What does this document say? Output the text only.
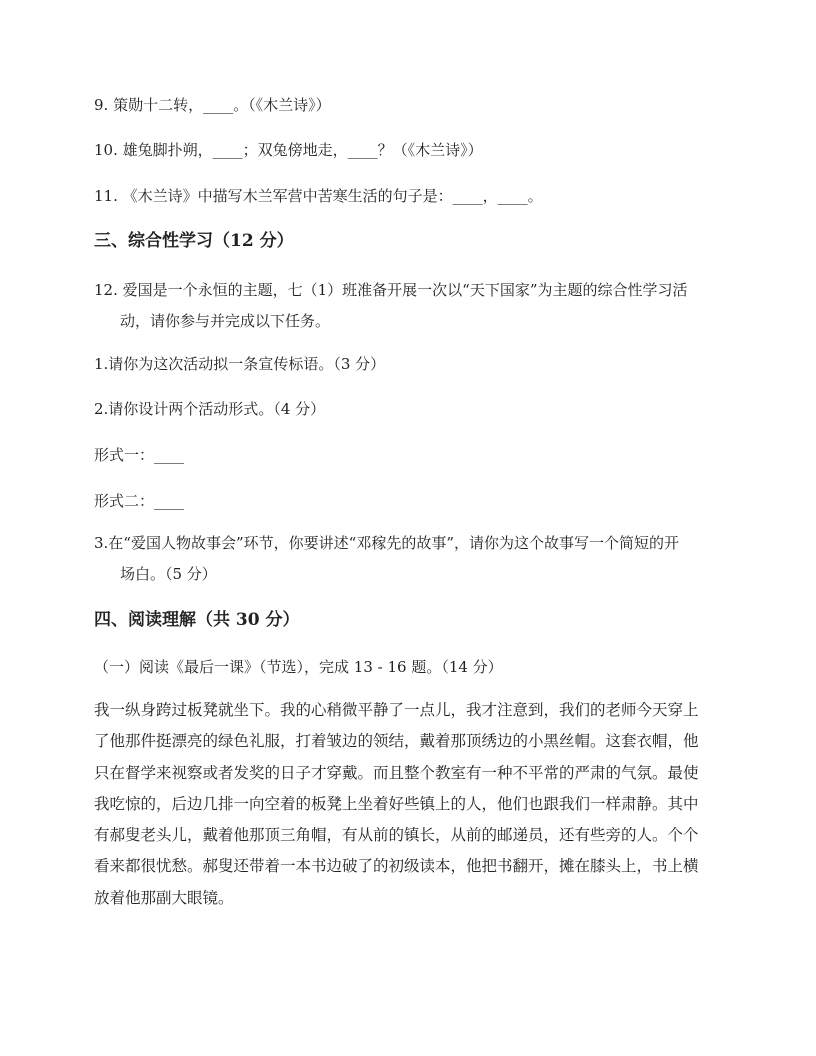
9. 策勋十二转，____。（《木兰诗》）
10. 雄兔脚扑朔，____；双兔傍地走，____？（《木兰诗》）
11. 《木兰诗》中描写木兰军营中苦寒生活的句子是：____，____。
三、综合性学习（12 分）
12. 爱国是一个永恒的主题，七（1）班准备开展一次以“天下国家”为主题的综合性学习活
动，请你参与并完成以下任务。
1.请你为这次活动拟一条宣传标语。（3 分）
2.请你设计两个活动形式。（4 分）
形式一：____
形式二：____
3.在“爱国人物故事会”环节，你要讲述“邓稼先的故事”，请你为这个故事写一个简短的开
场白。（5 分）
四、阅读理解（共 30 分）
（一）阅读《最后一课》（节选），完成 13 - 16 题。（14 分）
我一纵身跨过板凳就坐下。我的心稍微平静了一点儿，我才注意到，我们的老师今天穿上
了他那件挺漂亮的绿色礼服，打着皱边的领结，戴着那顶绣边的小黑丝帽。这套衣帽，他
只在督学来视察或者发奖的日子才穿戴。而且整个教室有一种不平常的严肃的气氛。最使
我吃惊的，后边几排一向空着的板凳上坐着好些镇上的人，他们也跟我们一样肃静。其中
有郝叟老头儿，戴着他那顶三角帽，有从前的镇长，从前的邮递员，还有些旁的人。个个
看来都很忧愁。郝叟还带着一本书边破了的初级读本，他把书翻开，摊在膝头上，书上横
放着他那副大眼镜。
